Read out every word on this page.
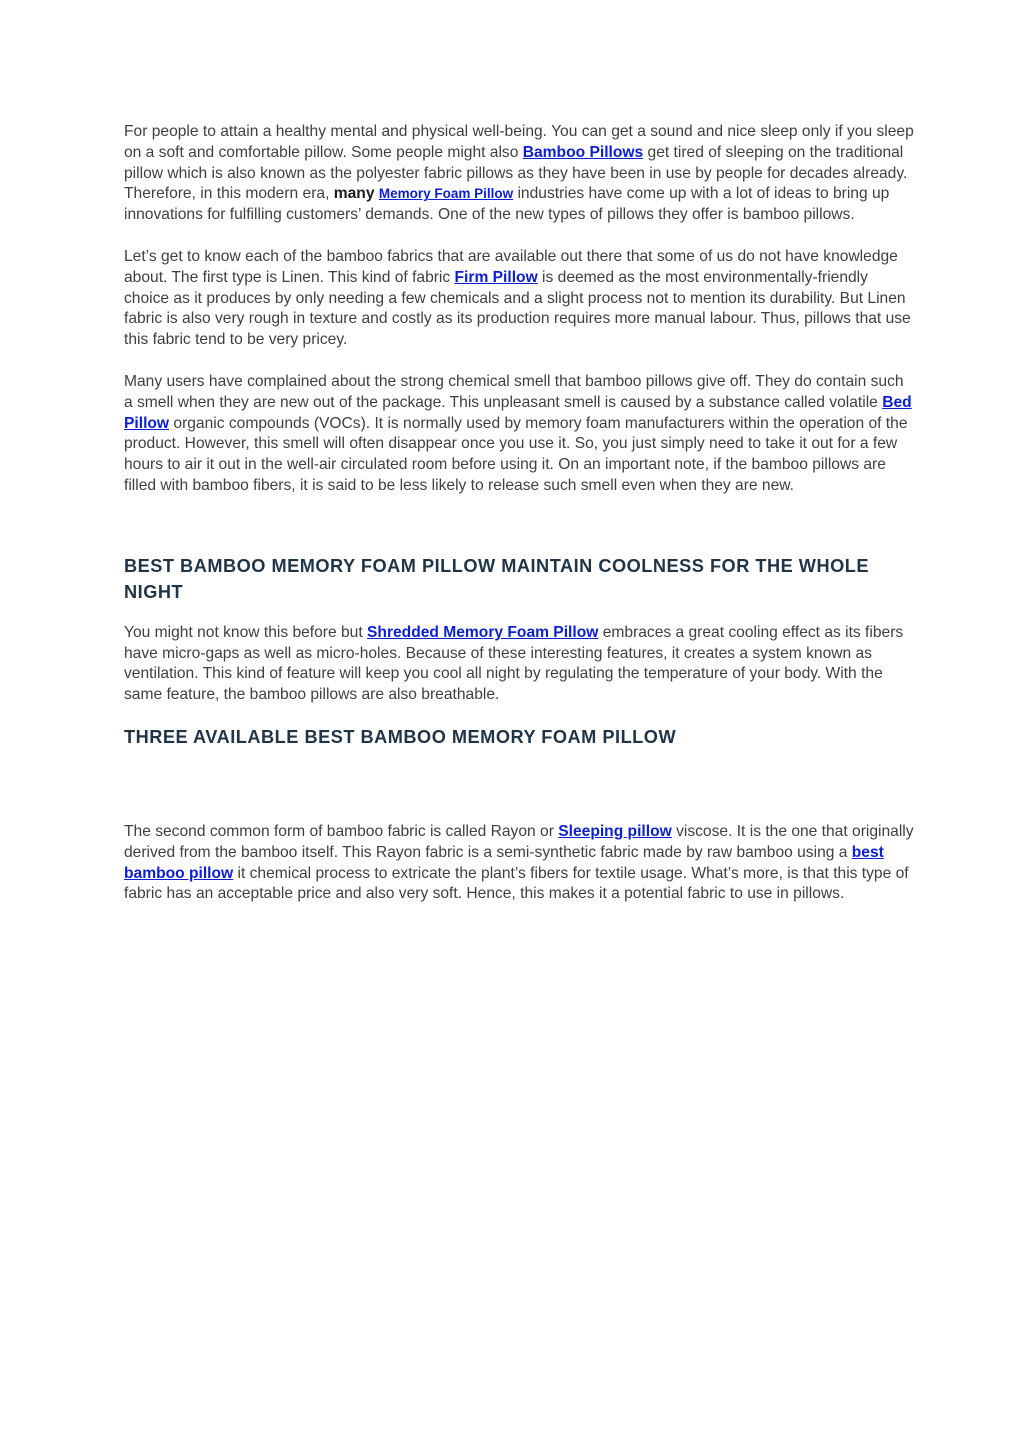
For people to attain a healthy mental and physical well-being. You can get a sound and nice sleep only if you sleep on a soft and comfortable pillow. Some people might also Bamboo Pillows get tired of sleeping on the traditional pillow which is also known as the polyester fabric pillows as they have been in use by people for decades already. Therefore, in this modern era, many Memory Foam Pillow industries have come up with a lot of ideas to bring up innovations for fulfilling customers’ demands. One of the new types of pillows they offer is bamboo pillows.

Let’s get to know each of the bamboo fabrics that are available out there that some of us do not have knowledge about. The first type is Linen. This kind of fabric Firm Pillow is deemed as the most environmentally-friendly choice as it produces by only needing a few chemicals and a slight process not to mention its durability. But Linen fabric is also very rough in texture and costly as its production requires more manual labour. Thus, pillows that use this fabric tend to be very pricey.

Many users have complained about the strong chemical smell that bamboo pillows give off. They do contain such a smell when they are new out of the package. This unpleasant smell is caused by a substance called volatile Bed Pillow organic compounds (VOCs). It is normally used by memory foam manufacturers within the operation of the product. However, this smell will often disappear once you use it. So, you just simply need to take it out for a few hours to air it out in the well-air circulated room before using it. On an important note, if the bamboo pillows are filled with bamboo fibers, it is said to be less likely to release such smell even when they are new.

BEST BAMBOO MEMORY FOAM PILLOW MAINTAIN COOLNESS FOR THE WHOLE NIGHT

You might not know this before but Shredded Memory Foam Pillow embraces a great cooling effect as its fibers have micro-gaps as well as micro-holes. Because of these interesting features, it creates a system known as ventilation. This kind of feature will keep you cool all night by regulating the temperature of your body. With the same feature, the bamboo pillows are also breathable.

THREE AVAILABLE BEST BAMBOO MEMORY FOAM PILLOW

The second common form of bamboo fabric is called Rayon or Sleeping pillow viscose. It is the one that originally derived from the bamboo itself. This Rayon fabric is a semi-synthetic fabric made by raw bamboo using a best bamboo pillow it chemical process to extricate the plant’s fibers for textile usage. What’s more, is that this type of fabric has an acceptable price and also very soft. Hence, this makes it a potential fabric to use in pillows.
